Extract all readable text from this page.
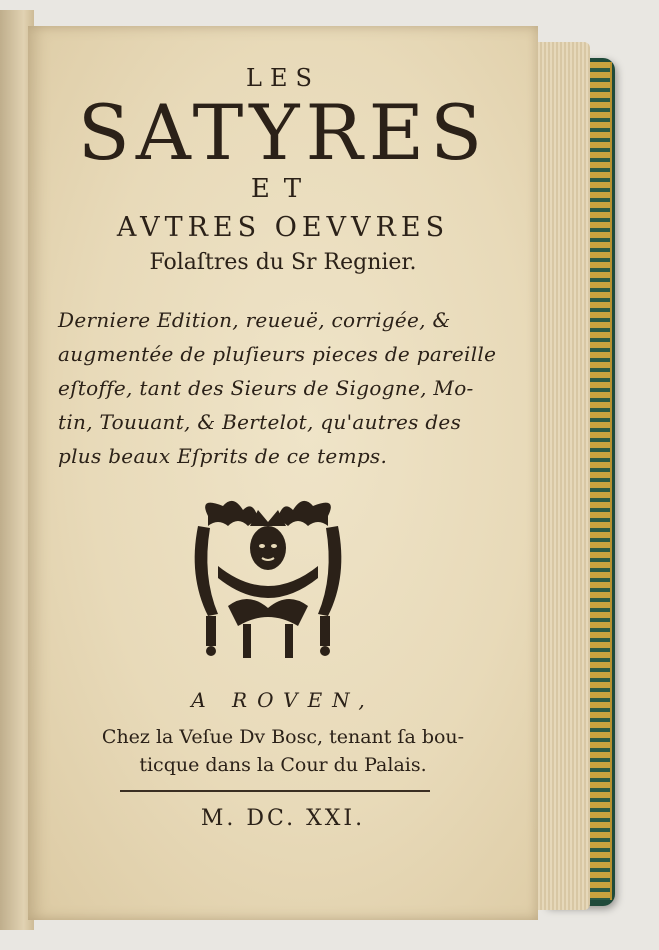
LES
SATYRES
ET
AVTRES OEVVRES
Folaſtres du Sr Regnier.
Derniere Edition, reueuë, corrigée, &
augmentée de pluſieurs pieces de pareille
eſtoffe, tant des Sieurs de Sigogne, Mo-
tin, Touuant, & Bertelot, qu'autres des
plus beaux Eſprits de ce temps.
A ROVEN,
Chez la Veſue Dv Bosc, tenant ſa bou-
ticque dans la Cour du Palais.
M. DC. XXI.
